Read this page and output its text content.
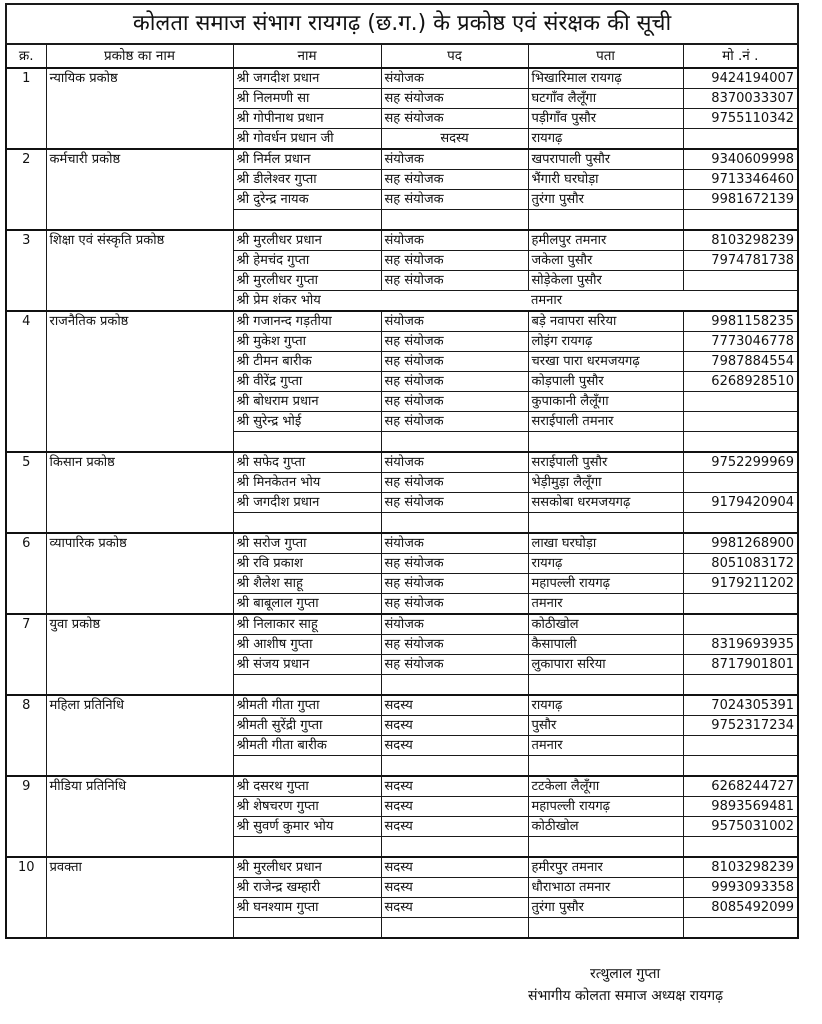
कोलता समाज संभाग रायगढ़ (छ.ग.) के प्रकोष्ठ एवं संरक्षक की सूची					
क्र.	प्रकोष्ठ का नाम	नाम	पद	पता	मो .नं .
1	न्यायिक प्रकोष्ठ	श्री जगदीश प्रधान	संयोजक	भिखारिमाल रायगढ़	9424194007
		श्री निलमणी सा	सह संयोजक	घटगाँव लैलूँगा	8370033307
		श्री गोपीनाथ प्रधान	सह संयोजक	पड़ीगाँव पुसौर	9755110342
		श्री गोवर्धन प्रधान जी	सदस्य	रायगढ़	
2	कर्मचारी प्रकोष्ठ	श्री निर्मल प्रधान	संयोजक	खपरापाली पुसौर	9340609998
		श्री डीलेश्वर गुप्ता	सह संयोजक	भैंगारी घरघोड़ा	9713346460
		श्री दुरेन्द्र नायक	सह संयोजक	तुरंगा पुसौर	9981672139

3	शिक्षा एवं संस्कृति प्रकोष्ठ	श्री मुरलीधर प्रधान	संयोजक	हमीलपुर तमनार	8103298239
		श्री हेमचंद गुप्ता	सह संयोजक	जकेला पुसौर	7974781738
		श्री मुरलीधर गुप्ता	सह संयोजक	सोड़ेकेला पुसौर	
		श्री प्रेम शंकर भोय		तमनार	
4	राजनैतिक प्रकोष्ठ	श्री गजानन्द गड़तीया	संयोजक	बड़े नवापरा सरिया	9981158235
		श्री मुकेश गुप्ता	सह संयोजक	लोइंग रायगढ़	7773046778
		श्री टीमन बारीक	सह संयोजक	चरखा पारा धरमजयगढ़	7987884554
		श्री वीरेंद्र गुप्ता	सह संयोजक	कोड़पाली पुसौर	6268928510
		श्री बोधराम प्रधान	सह संयोजक	कुपाकानी लैलूँगा	
		श्री सुरेन्द्र भोई	सह संयोजक	सराईपाली तमनार	

5	किसान प्रकोष्ठ	श्री सफेद गुप्ता	संयोजक	सराईपाली पुसौर	9752299969
		श्री मिनकेतन भोय	सह संयोजक	भेड़ीमुड़ा लैलूँगा	
		श्री जगदीश प्रधान	सह संयोजक	ससकोबा धरमजयगढ़	9179420904

6	व्यापारिक प्रकोष्ठ	श्री सरोज गुप्ता	संयोजक	लाखा घरघोड़ा	9981268900
		श्री रवि प्रकाश	सह संयोजक	रायगढ़	8051083172
		श्री शैलेश साहू	सह संयोजक	महापल्ली रायगढ़	9179211202
		श्री बाबूलाल गुप्ता	सह संयोजक	तमनार	
7	युवा प्रकोष्ठ	श्री निलाकार साहू	संयोजक	कोठीखोल	
		श्री आशीष गुप्ता	सह संयोजक	कैसापाली	8319693935
		श्री संजय प्रधान	सह संयोजक	लुकापारा सरिया	8717901801

8	महिला प्रतिनिधि	श्रीमती गीता गुप्ता	सदस्य	रायगढ़	7024305391
		श्रीमती सुरेंद्री गुप्ता	सदस्य	पुसौर	9752317234
		श्रीमती गीता बारीक	सदस्य	तमनार	

9	मीडिया प्रतिनिधि	श्री दसरथ गुप्ता	सदस्य	टटकेला लैलूँगा	6268244727
		श्री शेषचरण गुप्ता	सदस्य	महापल्ली रायगढ़	9893569481
		श्री सुवर्ण कुमार भोय	सदस्य	कोठीखोल	9575031002

10	प्रवक्ता	श्री मुरलीधर प्रधान	सदस्य	हमीरपुर तमनार	8103298239
		श्री राजेन्द्र खम्हारी	सदस्य	धौराभाठा तमनार	9993093358
		श्री घनश्याम गुप्ता	सदस्य	तुरंगा पुसौर	8085492099

रत्थुलाल गुप्ता
संभागीय कोलता समाज अध्यक्ष रायगढ़
